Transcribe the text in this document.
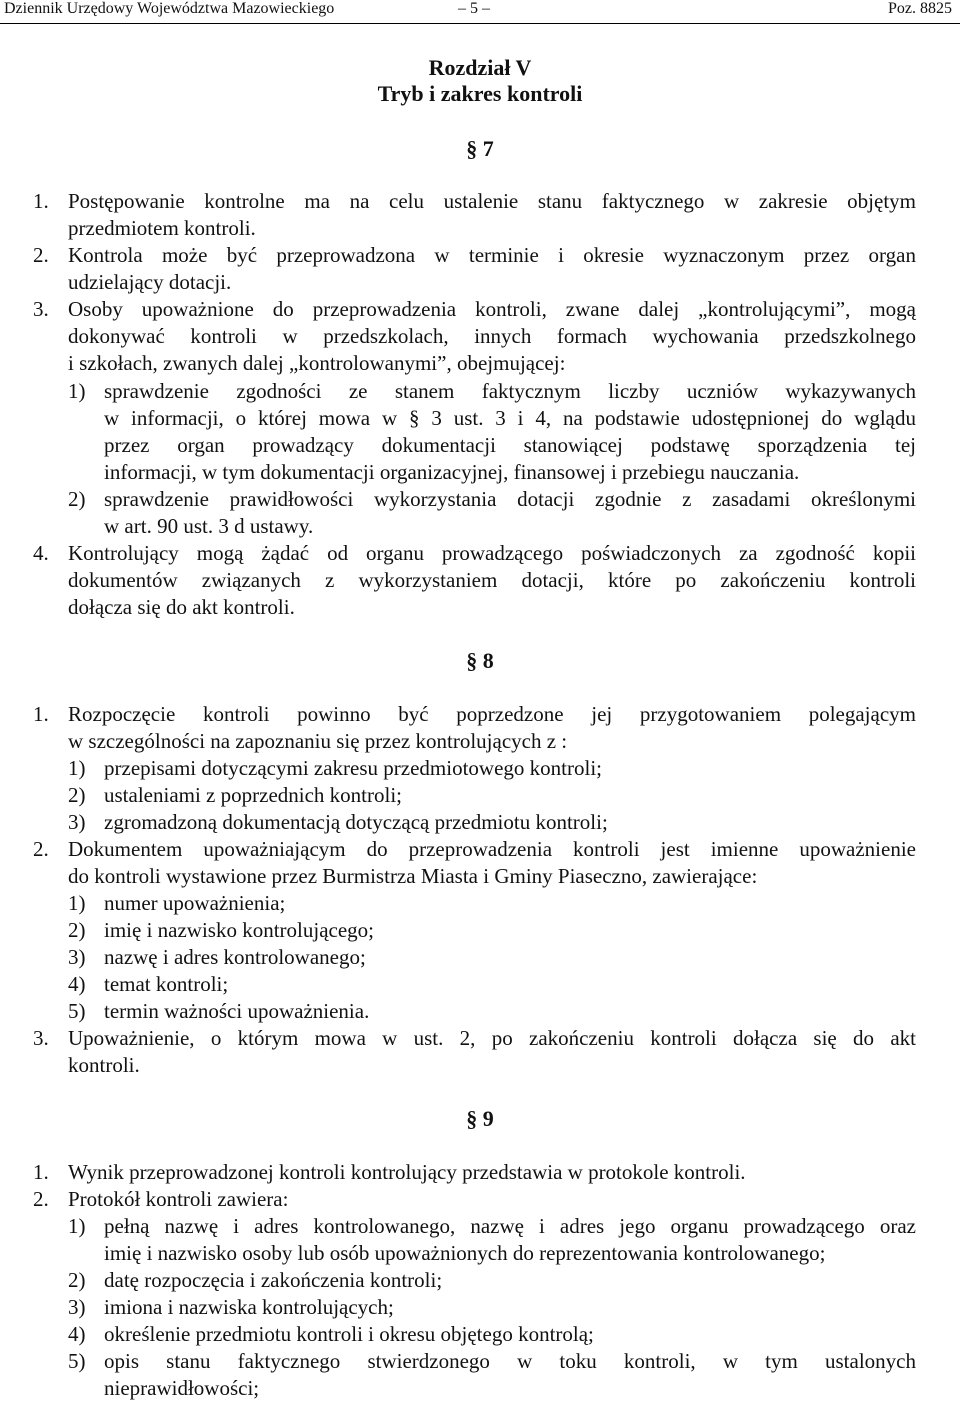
Dziennik Urzędowy Województwa Mazowieckiego	– 5 –	Poz. 8825
Rozdział V
Tryb i zakres kontroli
§ 7
1. Postępowanie kontrolne ma na celu ustalenie stanu faktycznego w zakresie objętym
przedmiotem kontroli.
2. Kontrola może być przeprowadzona w terminie i okresie wyznaczonym przez organ
udzielający dotacji.
3. Osoby upoważnione do przeprowadzenia kontroli, zwane dalej „kontrolującymi”, mogą
dokonywać kontroli w przedszkolach, innych formach wychowania przedszkolnego
i szkołach, zwanych dalej „kontrolowanymi”, obejmującej:
1) sprawdzenie zgodności ze stanem faktycznym liczby uczniów wykazywanych
w informacji, o której mowa w § 3 ust. 3 i 4, na podstawie udostępnionej do wglądu
przez organ prowadzący dokumentacji stanowiącej podstawę sporządzenia tej
informacji, w tym dokumentacji organizacyjnej, finansowej i przebiegu nauczania.
2) sprawdzenie prawidłowości wykorzystania dotacji zgodnie z zasadami określonymi
w art. 90 ust. 3 d ustawy.
4. Kontrolujący mogą żądać od organu prowadzącego poświadczonych za zgodność kopii
dokumentów związanych z wykorzystaniem dotacji, które po zakończeniu kontroli
dołącza się do akt kontroli.
§ 8
1. Rozpoczęcie kontroli powinno być poprzedzone jej przygotowaniem polegającym
w szczególności na zapoznaniu się przez kontrolujących z :
1) przepisami dotyczącymi zakresu przedmiotowego kontroli;
2) ustaleniami z poprzednich kontroli;
3) zgromadzoną dokumentacją dotyczącą przedmiotu kontroli;
2. Dokumentem upoważniającym do przeprowadzenia kontroli jest imienne upoważnienie
do kontroli wystawione przez Burmistrza Miasta i Gminy Piaseczno, zawierające:
1) numer upoważnienia;
2) imię i nazwisko kontrolującego;
3) nazwę i adres kontrolowanego;
4) temat kontroli;
5) termin ważności upoważnienia.
3. Upoważnienie, o którym mowa w ust. 2, po zakończeniu kontroli dołącza się do akt
kontroli.
§ 9
1. Wynik przeprowadzonej kontroli kontrolujący przedstawia w protokole kontroli.
2. Protokół kontroli zawiera:
1) pełną nazwę i adres kontrolowanego, nazwę i adres jego organu prowadzącego oraz
imię i nazwisko osoby lub osób upoważnionych do reprezentowania kontrolowanego;
2) datę rozpoczęcia i zakończenia kontroli;
3) imiona i nazwiska kontrolujących;
4) określenie przedmiotu kontroli i okresu objętego kontrolą;
5) opis stanu faktycznego stwierdzonego w toku kontroli, w tym ustalonych
nieprawidłowości;
